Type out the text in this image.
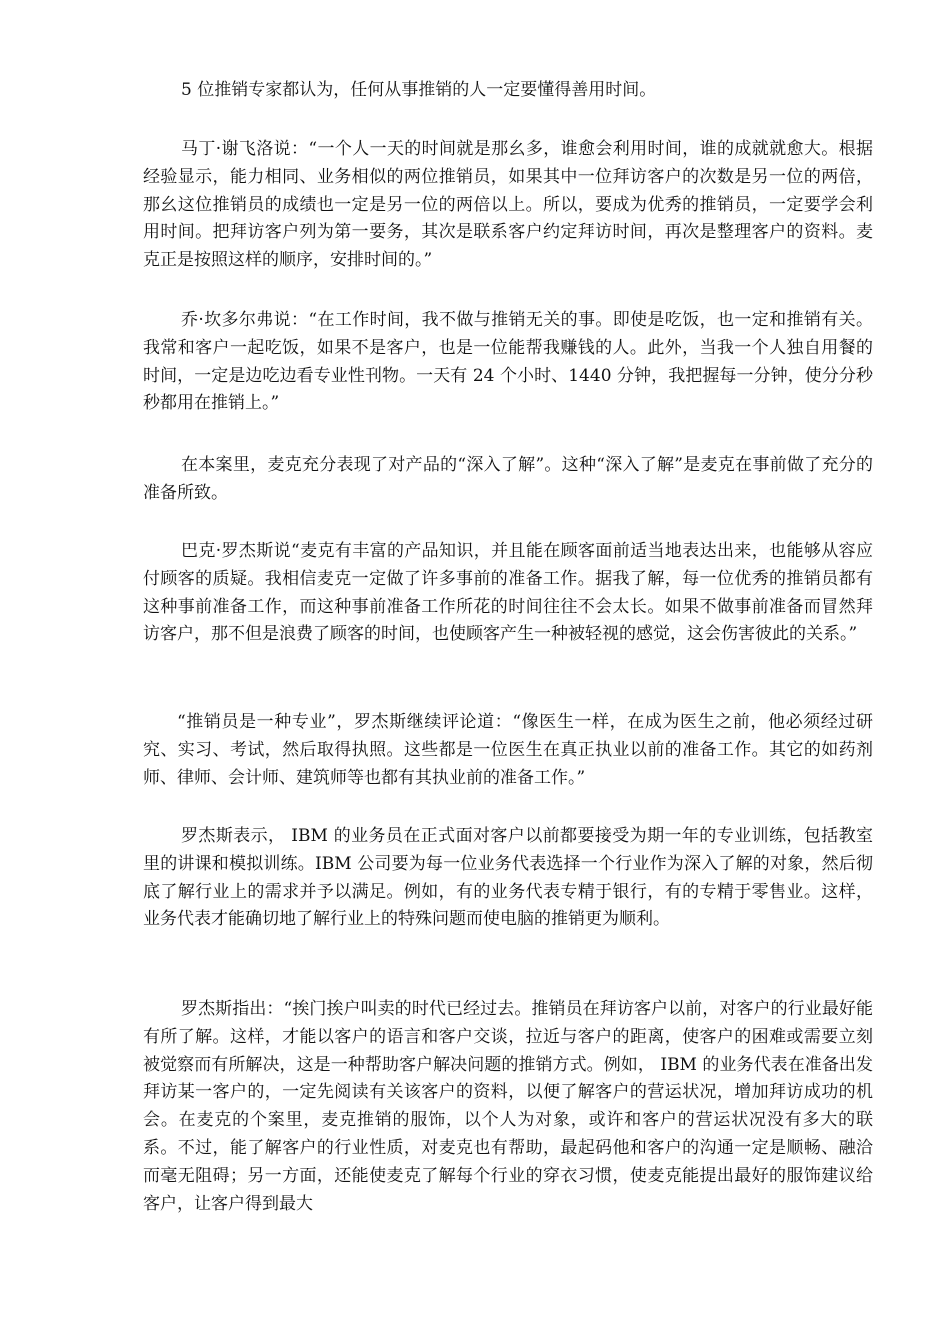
5 位推销专家都认为，任何从事推销的人一定要懂得善用时间。

马丁·谢飞洛说：“一个人一天的时间就是那幺多，谁愈会利用时间，谁的成就就愈大。根据经验显示，能力相同、业务相似的两位推销员，如果其中一位拜访客户的次数是另一位的两倍，那幺这位推销员的成绩也一定是另一位的两倍以上。所以，要成为优秀的推销员，一定要学会利用时间。把拜访客户列为第一要务，其次是联系客户约定拜访时间，再次是整理客户的资料。麦克正是按照这样的顺序，安排时间的。”

乔·坎多尔弗说：“在工作时间，我不做与推销无关的事。即使是吃饭，也一定和推销有关。我常和客户一起吃饭，如果不是客户，也是一位能帮我赚钱的人。此外，当我一个人独自用餐的时间，一定是边吃边看专业性刊物。一天有 24 个小时、1440 分钟，我把握每一分钟，使分分秒秒都用在推销上。”

在本案里，麦克充分表现了对产品的“深入了解”。这种“深入了解”是麦克在事前做了充分的准备所致。

巴克·罗杰斯说“麦克有丰富的产品知识，并且能在顾客面前适当地表达出来，也能够从容应付顾客的质疑。我相信麦克一定做了许多事前的准备工作。据我了解，每一位优秀的推销员都有这种事前准备工作，而这种事前准备工作所花的时间往往不会太长。如果不做事前准备而冒然拜访客户，那不但是浪费了顾客的时间，也使顾客产生一种被轻视的感觉，这会伤害彼此的关系。”

“推销员是一种专业”，罗杰斯继续评论道：“像医生一样，在成为医生之前，他必须经过研究、实习、考试，然后取得执照。这些都是一位医生在真正执业以前的准备工作。其它的如药剂师、律师、会计师、建筑师等也都有其执业前的准备工作。”

罗杰斯表示， IBM 的业务员在正式面对客户以前都要接受为期一年的专业训练，包括教室里的讲课和模拟训练。IBM 公司要为每一位业务代表选择一个行业作为深入了解的对象，然后彻底了解行业上的需求并予以满足。例如，有的业务代表专精于银行，有的专精于零售业。这样，业务代表才能确切地了解行业上的特殊问题而使电脑的推销更为顺利。

罗杰斯指出：“挨门挨户叫卖的时代已经过去。推销员在拜访客户以前，对客户的行业最好能有所了解。这样，才能以客户的语言和客户交谈，拉近与客户的距离，使客户的困难或需要立刻被觉察而有所解决，这是一种帮助客户解决问题的推销方式。例如， IBM 的业务代表在准备出发拜访某一客户的，一定先阅读有关该客户的资料，以便了解客户的营运状况，增加拜访成功的机会。在麦克的个案里，麦克推销的服饰，以个人为对象，或许和客户的营运状况没有多大的联系。不过，能了解客户的行业性质，对麦克也有帮助，最起码他和客户的沟通一定是顺畅、融洽而毫无阻碍；另一方面，还能使麦克了解每个行业的穿衣习惯，使麦克能提出最好的服饰建议给客户，让客户得到最大
